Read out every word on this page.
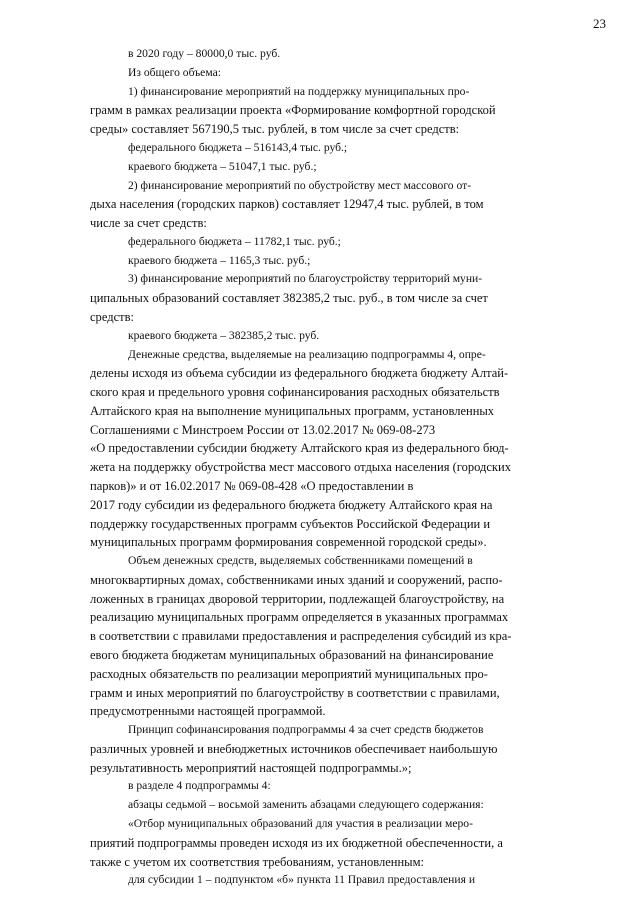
23
в 2020 году – 80000,0 тыс. руб.
Из общего объема:
1) финансирование мероприятий на поддержку муниципальных про-
грамм в рамках реализации проекта «Формирование комфортной городской
среды» составляет 567190,5 тыс. рублей, в том числе за счет средств:
федерального бюджета – 516143,4 тыс. руб.;
краевого бюджета – 51047,1 тыс. руб.;
2) финансирование мероприятий по обустройству мест массового от-
дыха населения (городских парков) составляет 12947,4 тыс. рублей, в том
числе за счет средств:
федерального бюджета – 11782,1 тыс. руб.;
краевого бюджета – 1165,3 тыс. руб.;
3) финансирование мероприятий по благоустройству территорий муни-
ципальных образований составляет 382385,2 тыс. руб., в том числе за счет
средств:
краевого бюджета – 382385,2 тыс. руб.
Денежные средства, выделяемые на реализацию подпрограммы 4, опре-
делены исходя из объема субсидии из федерального бюджета бюджету Алтай-
ского края и предельного уровня софинансирования расходных обязательств
Алтайского края на выполнение муниципальных программ, установленных
Соглашениями с Минстроем России от 13.02.2017 № 069-08-273
«О предоставлении субсидии бюджету Алтайского края из федерального бюд-
жета на поддержку обустройства мест массового отдыха населения (городских
парков)» и от 16.02.2017 № 069-08-428 «О предоставлении в
2017 году субсидии из федерального бюджета бюджету Алтайского края на
поддержку государственных программ субъектов Российской Федерации и
муниципальных программ формирования современной городской среды».
Объем денежных средств, выделяемых собственниками помещений в
многоквартирных домах, собственниками иных зданий и сооружений, распо-
ложенных в границах дворовой территории, подлежащей благоустройству, на
реализацию муниципальных программ определяется в указанных программах
в соответствии с правилами предоставления и распределения субсидий из кра-
евого бюджета бюджетам муниципальных образований на финансирование
расходных обязательств по реализации мероприятий муниципальных про-
грамм и иных мероприятий по благоустройству в соответствии с правилами,
предусмотренными настоящей программой.
Принцип софинансирования подпрограммы 4 за счет средств бюджетов
различных уровней и внебюджетных источников обеспечивает наибольшую
результативность мероприятий настоящей подпрограммы.»;
в разделе 4 подпрограммы 4:
абзацы седьмой – восьмой заменить абзацами следующего содержания:
«Отбор муниципальных образований для участия в реализации меро-
приятий подпрограммы проведен исходя из их бюджетной обеспеченности, а
также с учетом их соответствия требованиям, установленным:
для субсидии 1 – подпунктом «б» пункта 11 Правил предоставления и
